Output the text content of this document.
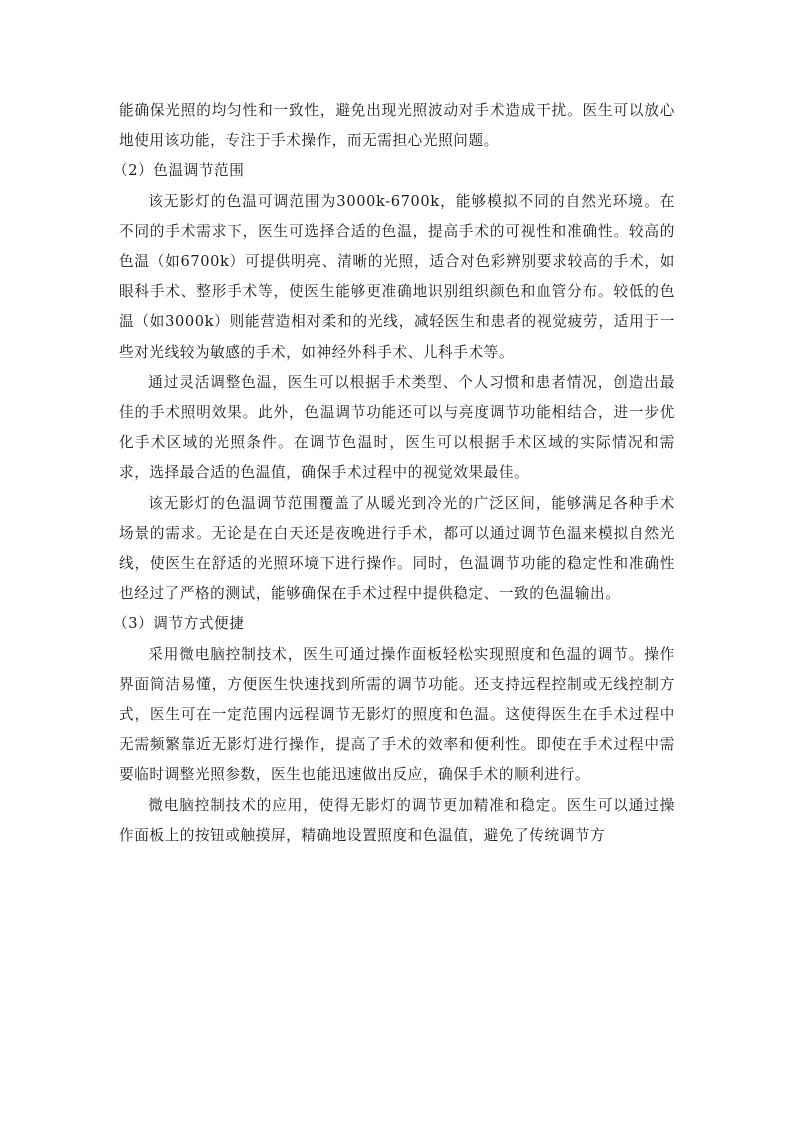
能确保光照的均匀性和一致性，避免出现光照波动对手术造成干扰。医生可以放心地使用该功能，专注于手术操作，而无需担心光照问题。

（2）色温调节范围

该无影灯的色温可调范围为3000k-6700k，能够模拟不同的自然光环境。在不同的手术需求下，医生可选择合适的色温，提高手术的可视性和准确性。较高的色温（如6700k）可提供明亮、清晰的光照，适合对色彩辨别要求较高的手术，如眼科手术、整形手术等，使医生能够更准确地识别组织颜色和血管分布。较低的色温（如3000k）则能营造相对柔和的光线，减轻医生和患者的视觉疲劳，适用于一些对光线较为敏感的手术，如神经外科手术、儿科手术等。

通过灵活调整色温，医生可以根据手术类型、个人习惯和患者情况，创造出最佳的手术照明效果。此外，色温调节功能还可以与亮度调节功能相结合，进一步优化手术区域的光照条件。在调节色温时，医生可以根据手术区域的实际情况和需求，选择最合适的色温值，确保手术过程中的视觉效果最佳。

该无影灯的色温调节范围覆盖了从暖光到冷光的广泛区间，能够满足各种手术场景的需求。无论是在白天还是夜晚进行手术，都可以通过调节色温来模拟自然光线，使医生在舒适的光照环境下进行操作。同时，色温调节功能的稳定性和准确性也经过了严格的测试，能够确保在手术过程中提供稳定、一致的色温输出。

（3）调节方式便捷

采用微电脑控制技术，医生可通过操作面板轻松实现照度和色温的调节。操作界面简洁易懂，方便医生快速找到所需的调节功能。还支持远程控制或无线控制方式，医生可在一定范围内远程调节无影灯的照度和色温。这使得医生在手术过程中无需频繁靠近无影灯进行操作，提高了手术的效率和便利性。即使在手术过程中需要临时调整光照参数，医生也能迅速做出反应，确保手术的顺利进行。

微电脑控制技术的应用，使得无影灯的调节更加精准和稳定。医生可以通过操作面板上的按钮或触摸屏，精确地设置照度和色温值，避免了传统调节方
